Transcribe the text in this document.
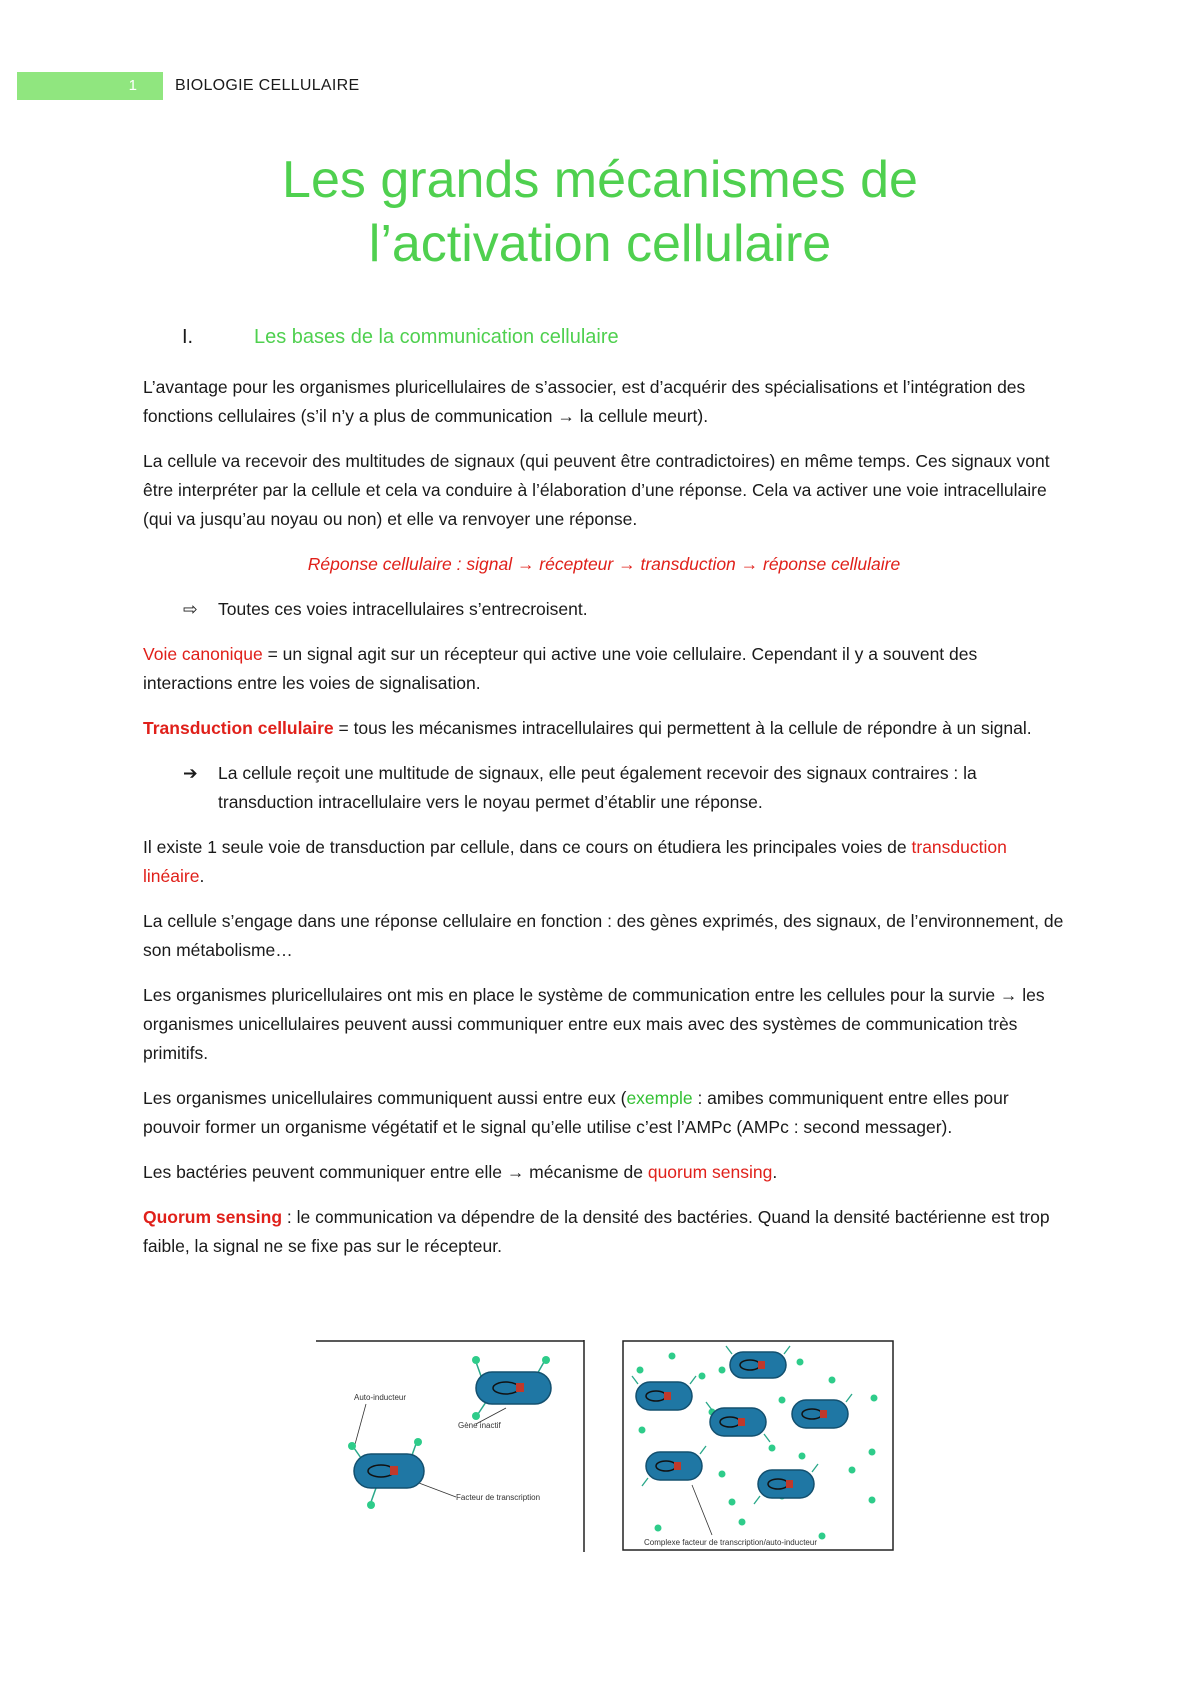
1 BIOLOGIE CELLULAIRE
Les grands mécanismes de
l’activation cellulaire
I.	Les bases de la communication cellulaire

L’avantage pour les organismes pluricellulaires de s’associer, est d’acquérir des spécialisations et l’intégration des fonctions cellulaires (s’il n’y a plus de communication → la cellule meurt).

La cellule va recevoir des multitudes de signaux (qui peuvent être contradictoires) en même temps. Ces signaux vont être interpréter par la cellule et cela va conduire à l’élaboration d’une réponse. Cela va activer une voie intracellulaire (qui va jusqu’au noyau ou non) et elle va renvoyer une réponse.

Réponse cellulaire : signal → récepteur → transduction → réponse cellulaire

⇨ Toutes ces voies intracellulaires s’entrecroisent.

Voie canonique = un signal agit sur un récepteur qui active une voie cellulaire. Cependant il y a souvent des interactions entre les voies de signalisation.

Transduction cellulaire = tous les mécanismes intracellulaires qui permettent à la cellule de répondre à un signal.

➔ La cellule reçoit une multitude de signaux, elle peut également recevoir des signaux contraires : la transduction intracellulaire vers le noyau permet d’établir une réponse.

Il existe 1 seule voie de transduction par cellule, dans ce cours on étudiera les principales voies de transduction linéaire.

La cellule s’engage dans une réponse cellulaire en fonction : des gènes exprimés, des signaux, de l’environnement, de son métabolisme…

Les organismes pluricellulaires ont mis en place le système de communication entre les cellules pour la survie → les organismes unicellulaires peuvent aussi communiquer entre eux mais avec des systèmes de communication très primitifs.

Les organismes unicellulaires communiquent aussi entre eux (exemple : amibes communiquent entre elles pour pouvoir former un organisme végétatif et le signal qu’elle utilise c’est l’AMPc (AMPc : second messager).

Les bactéries peuvent communiquer entre elle → mécanisme de quorum sensing.

Quorum sensing : le communication va dépendre de la densité des bactéries. Quand la densité bactérienne est trop faible, la signal ne se fixe pas sur le récepteur.

Auto-inducteur
Gène inactif
Facteur de transcription
Complexe facteur de transcription/auto-inducteur
